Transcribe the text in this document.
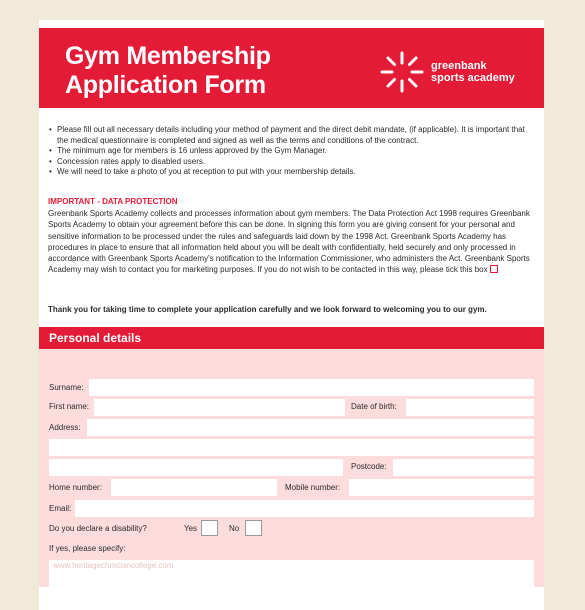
Gym Membership
Application Form
greenbank
sports academy
• Please fill out all necessary details including your method of payment and the direct debit mandate, (if applicable). It is important that the medical questionnaire is completed and signed as well as the terms and conditions of the contract.
• The minimum age for members is 16 unless approved by the Gym Manager.
• Concession rates apply to disabled users.
• We will need to take a photo of you at reception to put with your membership details.
IMPORTANT - DATA PROTECTION
Greenbank Sports Academy collects and processes information about gym members. The Data Protection Act 1998 requires Greenbank Sports Academy to obtain your agreement before this can be done. In signing this form you are giving consent for your personal and sensitive information to be processed under the rules and safeguards laid down by the 1998 Act. Greenbank Sports Academy has procedures in place to ensure that all information held about you will be dealt with confidentially, held securely and only processed in accordance with Greenbank Sports Academy's notification to the Information Commissioner, who administers the Act. Greenbank Sports Academy may wish to contact you for marketing purposes. If you do not wish to be contacted in this way, please tick this box
Thank you for taking time to complete your application carefully and we look forward to welcoming you to our gym.
Personal details
Surname:
First name:	Date of birth:
Address:
Postcode:
Home number:	Mobile number:
Email:
Do you declare a disability?	Yes	No
If yes, please specify:
www.heritagechristiancollege.com
